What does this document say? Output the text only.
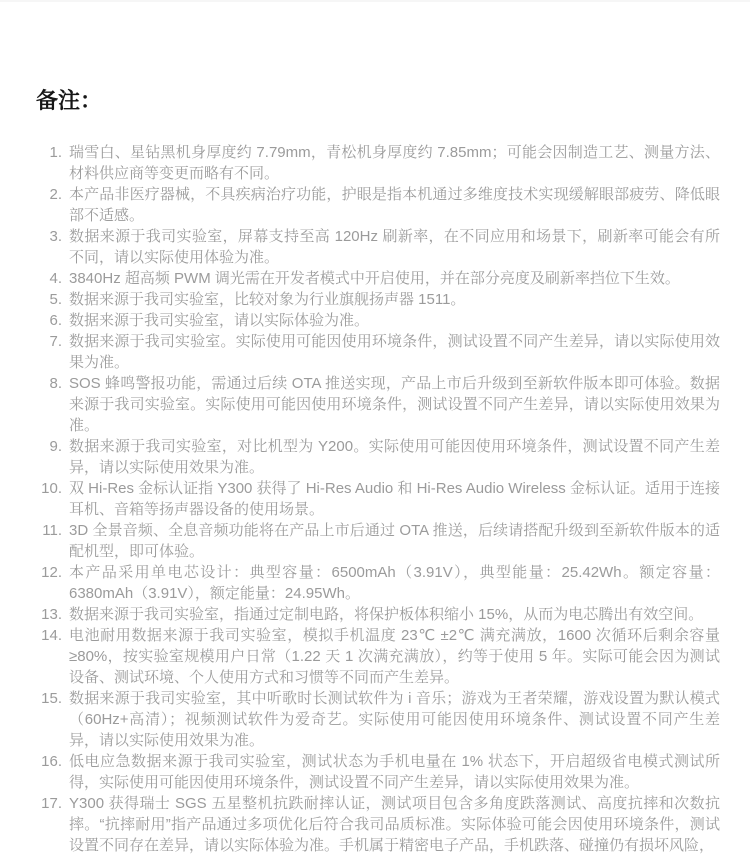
备注：
1. 瑞雪白、星钻黑机身厚度约 7.79mm，青松机身厚度约 7.85mm；可能会因制造工艺、测量方法、材料供应商等变更而略有不同。
2. 本产品非医疗器械，不具疾病治疗功能，护眼是指本机通过多维度技术实现缓解眼部疲劳、降低眼部不适感。
3. 数据来源于我司实验室，屏幕支持至高 120Hz 刷新率，在不同应用和场景下，刷新率可能会有所不同，请以实际使用体验为准。
4. 3840Hz 超高频 PWM 调光需在开发者模式中开启使用，并在部分亮度及刷新率挡位下生效。
5. 数据来源于我司实验室，比较对象为行业旗舰扬声器 1511。
6. 数据来源于我司实验室，请以实际体验为准。
7. 数据来源于我司实验室。实际使用可能因使用环境条件，测试设置不同产生差异，请以实际使用效果为准。
8. SOS 蜂鸣警报功能，需通过后续 OTA 推送实现，产品上市后升级到至新软件版本即可体验。数据来源于我司实验室。实际使用可能因使用环境条件，测试设置不同产生差异，请以实际使用效果为准。
9. 数据来源于我司实验室，对比机型为 Y200。实际使用可能因使用环境条件，测试设置不同产生差异，请以实际使用效果为准。
10. 双 Hi-Res 金标认证指 Y300 获得了 Hi-Res Audio 和 Hi-Res Audio Wireless 金标认证。适用于连接耳机、音箱等扬声器设备的使用场景。
11. 3D 全景音频、全息音频功能将在产品上市后通过 OTA 推送，后续请搭配升级到至新软件版本的适配机型，即可体验。
12. 本产品采用单电芯设计：典型容量：6500mAh（3.91V），典型能量：25.42Wh。额定容量：6380mAh（3.91V），额定能量：24.95Wh。
13. 数据来源于我司实验室，指通过定制电路，将保护板体积缩小 15%，从而为电芯腾出有效空间。
14. 电池耐用数据来源于我司实验室，模拟手机温度 23℃ ±2℃ 满充满放，1600 次循环后剩余容量≥80%，按实验室规模用户日常（1.22 天 1 次满充满放），约等于使用 5 年。实际可能会因为测试设备、测试环境、个人使用方式和习惯等不同而产生差异。
15. 数据来源于我司实验室，其中听歌时长测试软件为 i 音乐；游戏为王者荣耀，游戏设置为默认模式（60Hz+高清）；视频测试软件为爱奇艺。实际使用可能因使用环境条件、测试设置不同产生差异，请以实际使用效果为准。
16. 低电应急数据来源于我司实验室，测试状态为手机电量在 1% 状态下，开启超级省电模式测试所得，实际使用可能因使用环境条件，测试设置不同产生差异，请以实际使用效果为准。
17. Y300 获得瑞士 SGS 五星整机抗跌耐摔认证，测试项目包含多角度跌落测试、高度抗摔和次数抗摔。“抗摔耐用”指产品通过多项优化后符合我司品质标准。实际体验可能会因使用环境条件，测试设置不同存在差异，请以实际体验为准。手机属于精密电子产品，手机跌落、碰撞仍有损坏风险，
